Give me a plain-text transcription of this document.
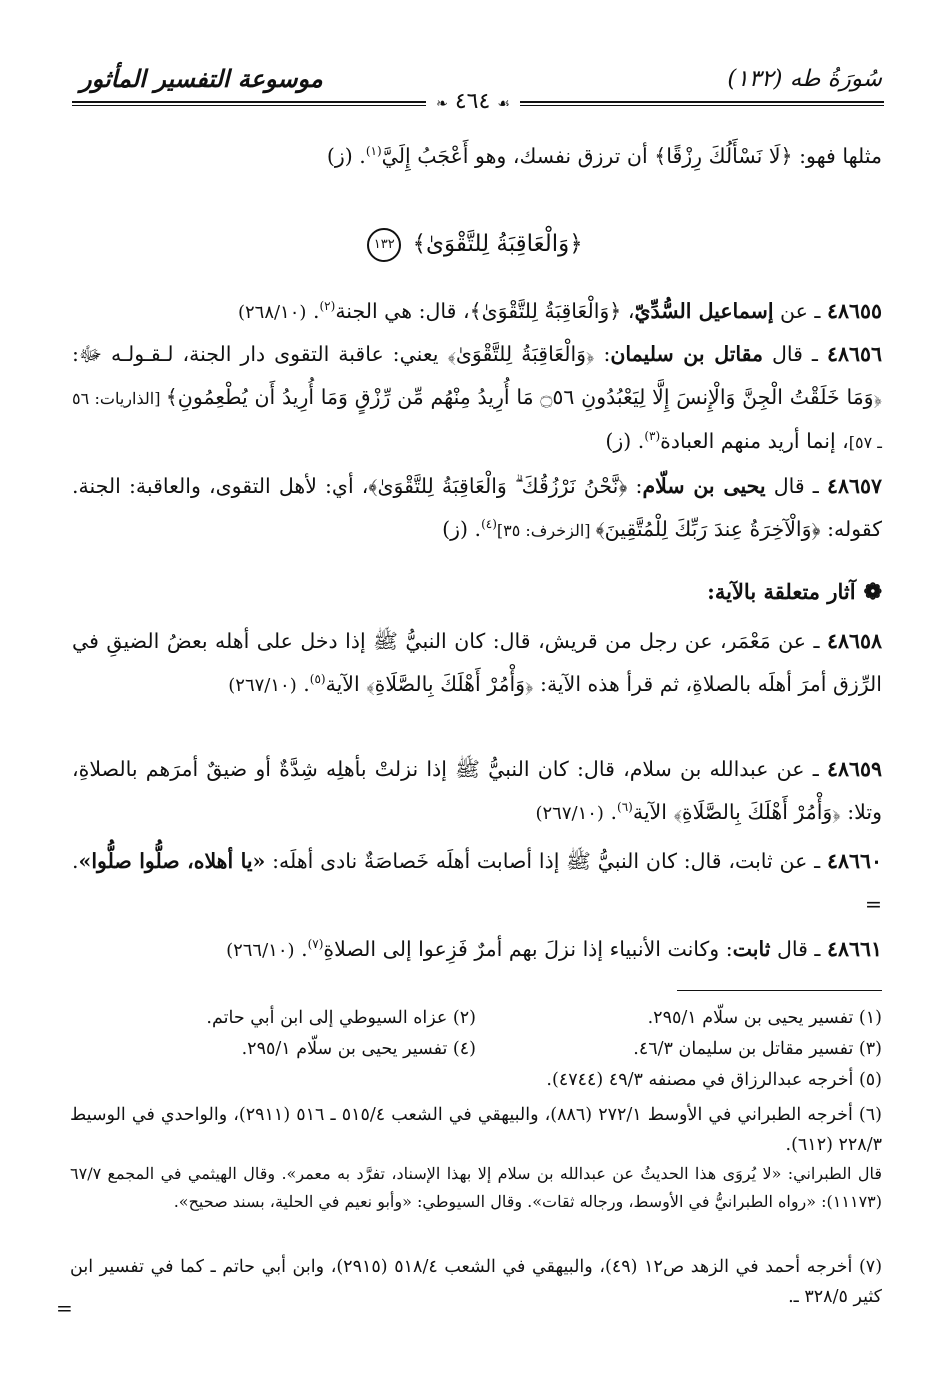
سُورَةُ طه (١٣٢)
موسوعة التفسير المأثور
❧ ٤٦٤ ☙
مثلها فهو: ﴿لَا نَسْأَلُكَ رِزْقًا﴾ أن ترزق نفسك، وهو أَعْجَبُ إِلَيَّ$^{(١)}$. (ز)
﴿وَالْعَاقِبَةُ لِلتَّقْوَىٰ﴾ ١٣٢
٤٨٦٥٥ ـ عن إسماعيل السُّدِّيّ، ﴿وَالْعَاقِبَةُ لِلتَّقْوَىٰ﴾، قال: هي الجنة$^{(٢)}$. (٢٦٨/١٠)
٤٨٦٥٦ ـ قال مقاتل بن سليمان: ﴿وَالْعَاقِبَةُ لِلتَّقْوَىٰ﴾ يعني: عاقبة التقوى دار الجنة، لـقـولـه ﷻ: ﴿وَمَا خَلَقْتُ الْجِنَّ وَالْإِنسَ إِلَّا لِيَعْبُدُونِ ۝٥٦ مَا أُرِيدُ مِنْهُم مِّن رِّزْقٍ وَمَا أُرِيدُ أَن يُطْعِمُونِ﴾ [الذاريات: ٥٦ ـ ٥٧]، إنما أريد منهم العبادة$^{(٣)}$. (ز)
٤٨٦٥٧ ـ قال يحيى بن سلّام: ﴿نَّحْنُ نَرْزُقُكَ ۗ وَالْعَاقِبَةُ لِلتَّقْوَىٰ﴾، أي: لأهل التقوى، والعاقبة: الجنة. كقوله: ﴿وَالْآخِرَةُ عِندَ رَبِّكَ لِلْمُتَّقِينَ﴾ [الزخرف: ٣٥]$^{(٤)}$. (ز)
❁آثار متعلقة بالآية:
٤٨٦٥٨ ـ عن مَعْمَر، عن رجل من قريش، قال: كان النبيُّ ﷺ إذا دخل على أهله بعضُ الضيقِ في الرِّزق أمرَ أهلَه بالصلاةِ، ثم قرأ هذه الآية: ﴿وَأْمُرْ أَهْلَكَ بِالصَّلَاةِ﴾ الآية$^{(٥)}$. (٢٦٧/١٠)
٤٨٦٥٩ ـ عن عبدالله بن سلام، قال: كان النبيُّ ﷺ إذا نزلتْ بأهلِه شِدَّةٌ أو ضيقٌ أمرَهم بالصلاةِ، وتلا: ﴿وَأْمُرْ أَهْلَكَ بِالصَّلَاةِ﴾ الآية$^{(٦)}$. (٢٦٧/١٠)
٤٨٦٦٠ ـ عن ثابت، قال: كان النبيُّ ﷺ إذا أصابت أهلَه خَصاصَةٌ نادى أهلَه: «يا أهلاه، صلُّوا صلُّوا». =
٤٨٦٦١ ـ قال ثابت: وكانت الأنبياء إذا نزلَ بهم أمرٌ فَزِعوا إلى الصلاةِ$^{(٧)}$. (٢٦٦/١٠)
(١) تفسير يحيى بن سلّام ٢٩٥/١.
(٢) عزاه السيوطي إلى ابن أبي حاتم.
(٣) تفسير مقاتل بن سليمان ٤٦/٣.
(٤) تفسير يحيى بن سلّام ٢٩٥/١.
(٥) أخرجه عبدالرزاق في مصنفه ٤٩/٣ (٤٧٤٤).
(٦) أخرجه الطبراني في الأوسط ٢٧٢/١ (٨٨٦)، والبيهقي في الشعب ٥١٥/٤ ـ ٥١٦ (٢٩١١)، والواحدي في الوسيط ٢٢٨/٣ (٦١٢).
قال الطبراني: «لا يُروَى هذا الحديثُ عن عبدالله بن سلام إلا بهذا الإسناد، تفرَّد به معمر». وقال الهيثمي في المجمع ٦٧/٧ (١١١٧٣): «رواه الطبرانيُّ في الأوسط، ورجاله ثقات». وقال السيوطي: «وأبو نعيم في الحلية، بسند صحيح».
(٧) أخرجه أحمد في الزهد ص١٢ (٤٩)، والبيهقي في الشعب ٥١٨/٤ (٢٩١٥)، وابن أبي حاتم ـ كما في تفسير ابن كثير ٣٢٨/٥ ـ.
=
